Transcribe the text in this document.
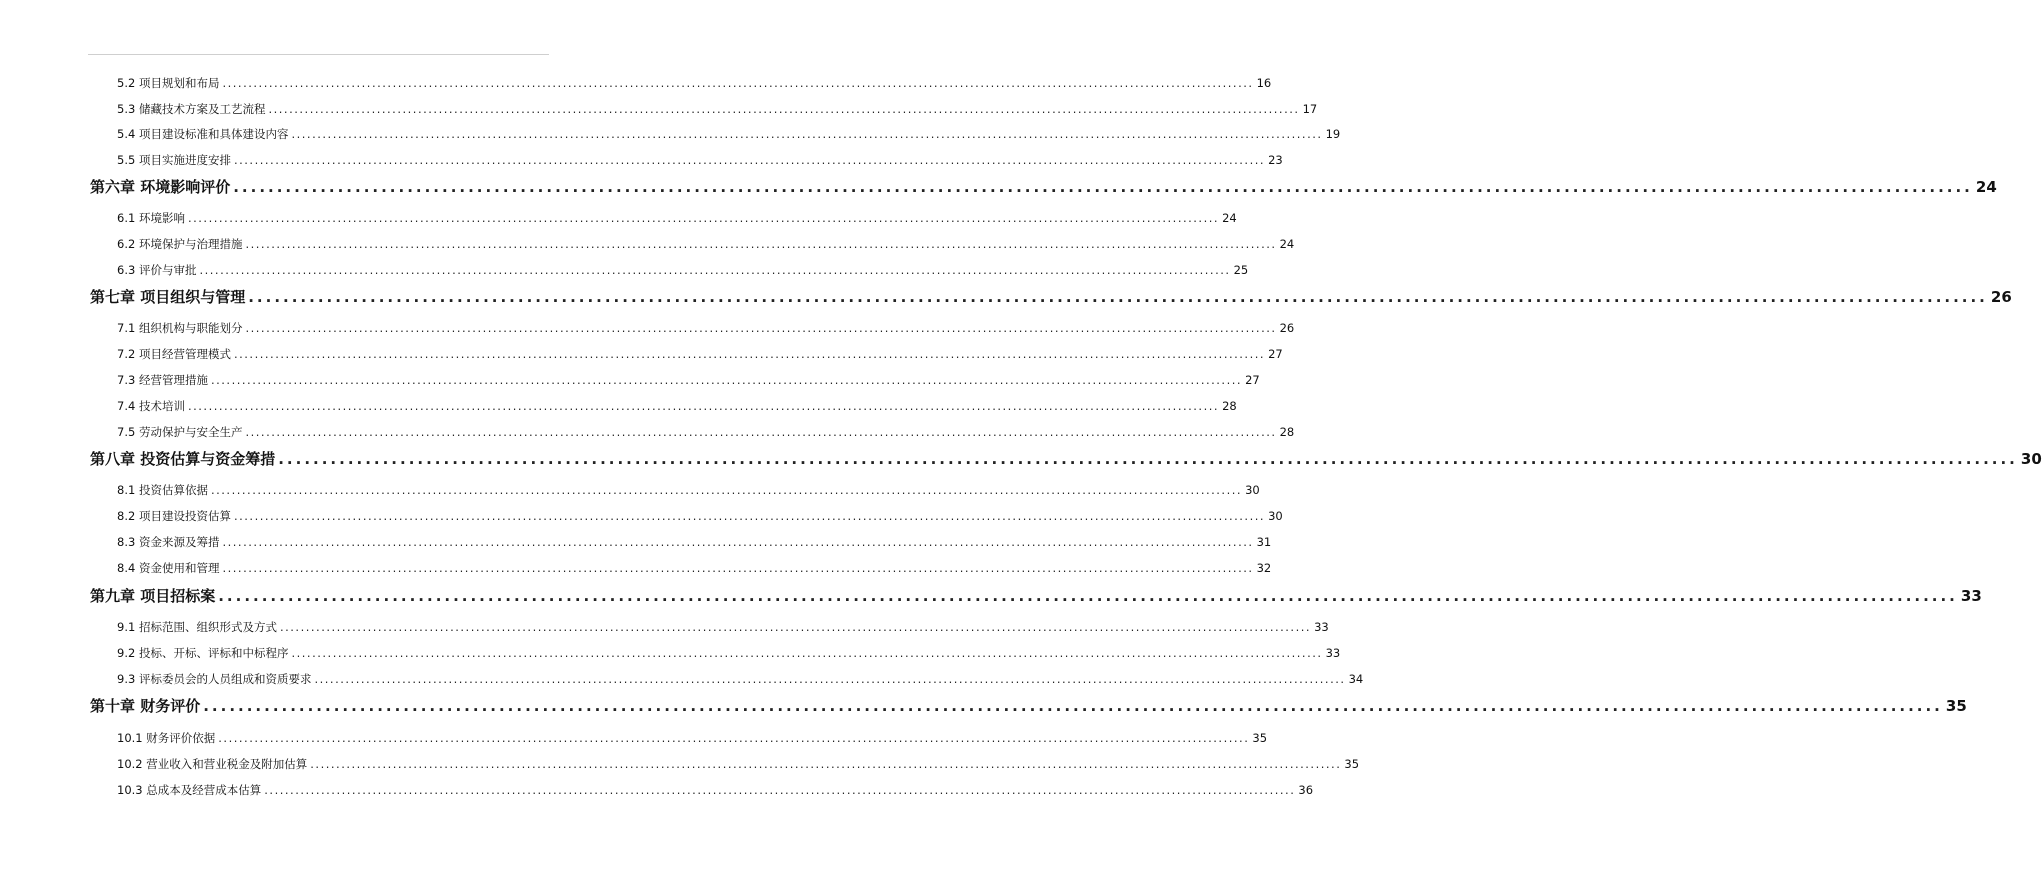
5.2 项目规划和布局 ........................................................................................................................................................................................................ 16
5.3 储藏技术方案及工艺流程 ........................................................................................................................................................................................................ 17
5.4 项目建设标准和具体建设内容 ........................................................................................................................................................................................................ 19
5.5 项目实施进度安排 ........................................................................................................................................................................................................ 23
第六章 环境影响评价 ........................................................................................................................................................................................................ 24
6.1 环境影响 ........................................................................................................................................................................................................ 24
6.2 环境保护与治理措施 ........................................................................................................................................................................................................ 24
6.3 评价与审批 ........................................................................................................................................................................................................ 25
第七章 项目组织与管理 ........................................................................................................................................................................................................ 26
7.1 组织机构与职能划分 ........................................................................................................................................................................................................ 26
7.2 项目经营管理模式 ........................................................................................................................................................................................................ 27
7.3 经营管理措施 ........................................................................................................................................................................................................ 27
7.4 技术培训 ........................................................................................................................................................................................................ 28
7.5 劳动保护与安全生产 ........................................................................................................................................................................................................ 28
第八章 投资估算与资金筹措 ........................................................................................................................................................................................................ 30
8.1 投资估算依据 ........................................................................................................................................................................................................ 30
8.2 项目建设投资估算 ........................................................................................................................................................................................................ 30
8.3 资金来源及筹措 ........................................................................................................................................................................................................ 31
8.4 资金使用和管理 ........................................................................................................................................................................................................ 32
第九章 项目招标案 ........................................................................................................................................................................................................ 33
9.1 招标范围、组织形式及方式 ........................................................................................................................................................................................................ 33
9.2 投标、开标、评标和中标程序 ........................................................................................................................................................................................................ 33
9.3 评标委员会的人员组成和资质要求 ........................................................................................................................................................................................................ 34
第十章 财务评价 ........................................................................................................................................................................................................ 35
10.1 财务评价依据 ........................................................................................................................................................................................................ 35
10.2 营业收入和营业税金及附加估算 ........................................................................................................................................................................................................ 35
10.3 总成本及经营成本估算 ........................................................................................................................................................................................................ 36
